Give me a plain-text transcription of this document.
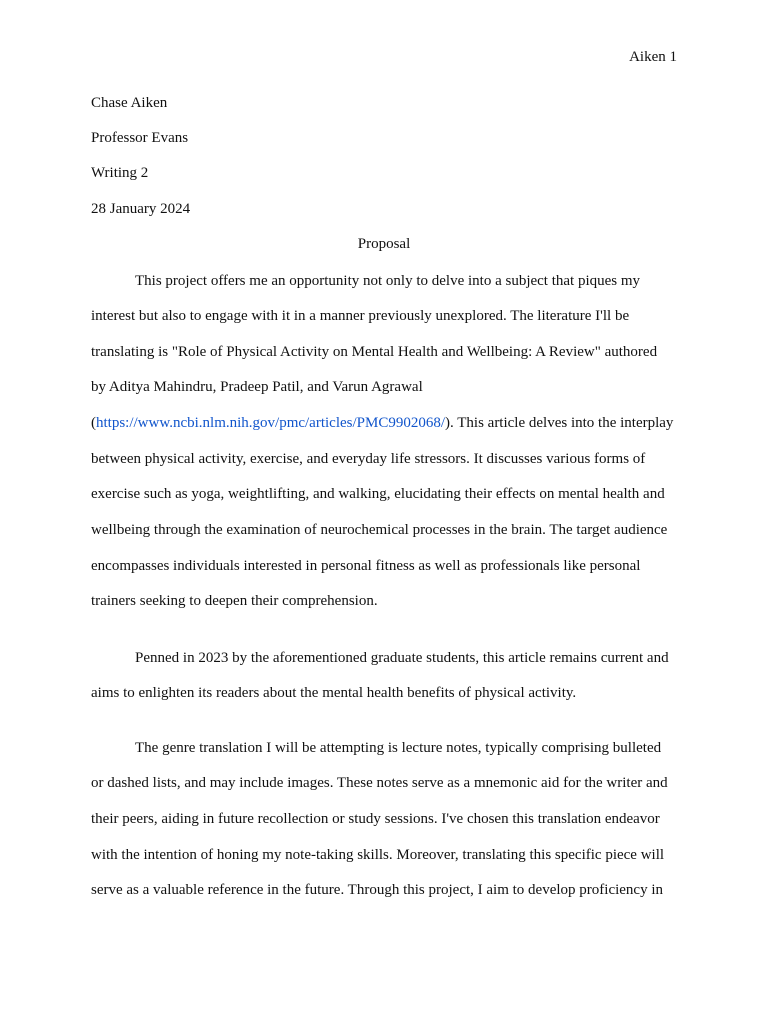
Aiken 1
Chase Aiken
Professor Evans
Writing 2
28 January 2024
Proposal
This project offers me an opportunity not only to delve into a subject that piques my
interest but also to engage with it in a manner previously unexplored. The literature I'll be
translating is "Role of Physical Activity on Mental Health and Wellbeing: A Review" authored
by Aditya Mahindru, Pradeep Patil, and Varun Agrawal
(https://www.ncbi.nlm.nih.gov/pmc/articles/PMC9902068/). This article delves into the interplay
between physical activity, exercise, and everyday life stressors. It discusses various forms of
exercise such as yoga, weightlifting, and walking, elucidating their effects on mental health and
wellbeing through the examination of neurochemical processes in the brain. The target audience
encompasses individuals interested in personal fitness as well as professionals like personal
trainers seeking to deepen their comprehension.
Penned in 2023 by the aforementioned graduate students, this article remains current and
aims to enlighten its readers about the mental health benefits of physical activity.
The genre translation I will be attempting is lecture notes, typically comprising bulleted
or dashed lists, and may include images. These notes serve as a mnemonic aid for the writer and
their peers, aiding in future recollection or study sessions. I've chosen this translation endeavor
with the intention of honing my note-taking skills. Moreover, translating this specific piece will
serve as a valuable reference in the future. Through this project, I aim to develop proficiency in
